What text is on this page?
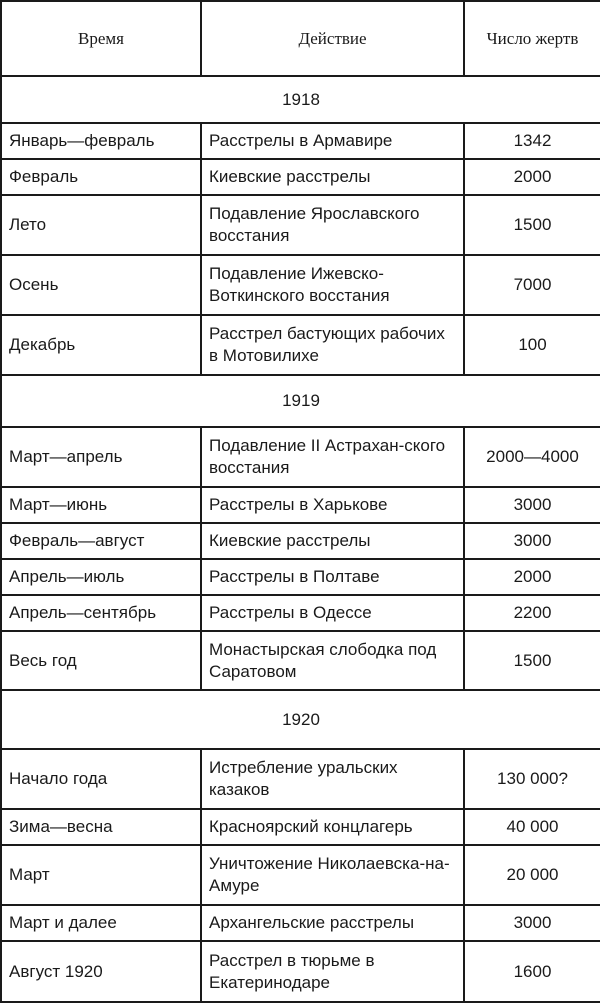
Время	Действие	Число жертв
1918		
Январь—февраль	Расстрелы в Армавире	1342
Февраль	Киевские расстрелы	2000
Лето	Подавление Ярославского восстания	1500
Осень	Подавление Ижевско-Воткинского восстания	7000
Декабрь	Расстрел бастующих рабочих в Мотовилихе	100
1919		
Март—апрель	Подавление II Астрахан-ского восстания	2000—4000
Март—июнь	Расстрелы в Харькове	3000
Февраль—август	Киевские расстрелы	3000
Апрель—июль	Расстрелы в Полтаве	2000
Апрель—сентябрь	Расстрелы в Одессе	2200
Весь год	Монастырская слободка под Саратовом	1500
1920		
Начало года	Истребление уральских казаков	130 000?
Зима—весна	Красноярский концлагерь	40 000
Март	Уничтожение Николаевска-на-Амуре	20 000
Март и далее	Архангельские расстрелы	3000
Август 1920	Расстрел в тюрьме в Екатеринодаре	1600
